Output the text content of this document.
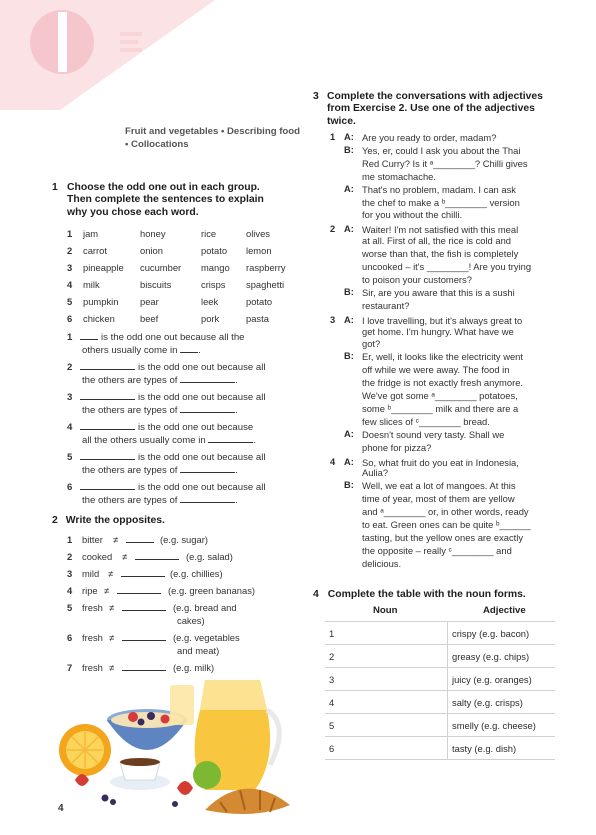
Fruit and vegetables • Describing food • Collocations
1 Choose the odd one out in each group. Then complete the sentences to explain why you chose each word.
1 jam	honey	rice	olives
2 carrot	onion	potato lemon
3 pineapple cucumber mango raspberry
4 milk	biscuits	crisps spaghetti
5 pumpkin pear	leek	potato
6 chicken	beef	pork	pasta
1	is the odd one out because all the
others usually come in .
2	is the odd one out because all
the others are types of	.
3	is the odd one out because all
the others are types of	.
4	is the odd one out because
all the others usually come in	.
5	is the odd one out because all
the others are types of	.
6	is the odd one out because all
the others are types of	.
2 Write the opposites.
1 bitter ≠	(e.g. sugar)
2 cooked ≠	(e.g. salad)
3 mild ≠	(e.g. chillies)
4 ripe ≠	(e.g. green bananas)
5 fresh ≠	(e.g. bread and
cakes)
6 fresh ≠	(e.g. vegetables
and meat)
7 fresh ≠	(e.g. milk)
3 Complete the conversations with adjectives from Exercise 2. Use one of the adjectives twice.
1 A: Are you ready to order, madam?
B: Yes, er, could I ask you about the Thai
Red Curry? Is it ᵃ________? Chilli gives
me stomachache.
A: That's no problem, madam. I can ask
the chef to make a ᵇ________ version
for you without the chilli.
2 A: Waiter! I'm not satisfied with this meal
at all. First of all, the rice is cold and
worse than that, the fish is completely
uncooked – it's ________! Are you trying
to poison your customers?
B: Sir, are you aware that this is a sushi
restaurant?
3 A: I love travelling, but it's always great to
get home. I'm hungry. What have we
got?
B: Er, well, it looks like the electricity went
off while we were away. The food in
the fridge is not exactly fresh anymore.
We've got some ᵃ________ potatoes,
some ᵇ________ milk and there are a
few slices of ᶜ________ bread.
A: Doesn't sound very tasty. Shall we
phone for pizza?
4 A: So, what fruit do you eat in Indonesia,
Aulia?
B: Well, we eat a lot of mangoes. At this
time of year, most of them are yellow
and ᵃ________ or, in other words, ready
to eat. Green ones can be quite ᵇ______
tasting, but the yellow ones are exactly
the opposite – really ᶜ________ and
delicious.
4 Complete the table with the noun forms.
Noun	Adjective
1	crispy (e.g. bacon)
2	greasy (e.g. chips)
3	juicy (e.g. oranges)
4	salty (e.g. crisps)
5	smelly (e.g. cheese)
6	tasty (e.g. dish)
4
